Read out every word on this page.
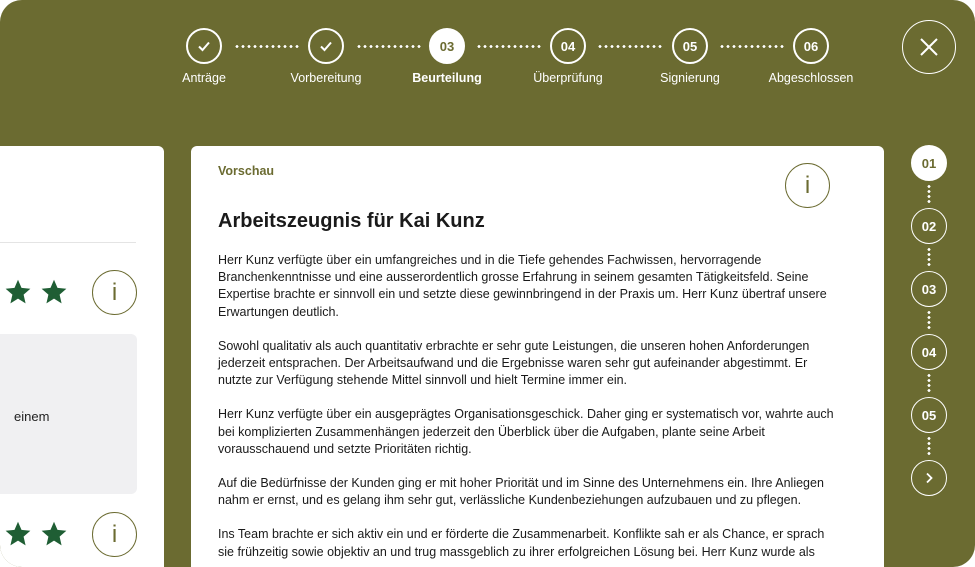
Anträge	Vorbereitung
03
Beurteilung
04
Überprüfung
05
Signierung
06
Abgeschlossen
i
einem
i
Vorschau
i
Arbeitszeugnis für Kai Kunz

Herr Kunz verfügte über ein umfangreiches und in die Tiefe gehendes Fachwissen, hervorragende Branchenkenntnisse und eine ausserordentlich grosse Erfahrung in seinem gesamten Tätigkeitsfeld. Seine Expertise brachte er sinnvoll ein und setzte diese gewinnbringend in der Praxis um. Herr Kunz übertraf unsere Erwartungen deutlich.

Sowohl qualitativ als auch quantitativ erbrachte er sehr gute Leistungen, die unseren hohen Anforderungen jederzeit entsprachen. Der Arbeitsaufwand und die Ergebnisse waren sehr gut aufeinander abgestimmt. Er nutzte zur Verfügung stehende Mittel sinnvoll und hielt Termine immer ein.

Herr Kunz verfügte über ein ausgeprägtes Organisationsgeschick. Daher ging er systematisch vor, wahrte auch bei komplizierten Zusammenhängen jederzeit den Überblick über die Aufgaben, plante seine Arbeit vorausschauend und setzte Prioritäten richtig.

Auf die Bedürfnisse der Kunden ging er mit hoher Priorität und im Sinne des Unternehmens ein. Ihre Anliegen nahm er ernst, und es gelang ihm sehr gut, verlässliche Kundenbeziehungen aufzubauen und zu pflegen.

Ins Team brachte er sich aktiv ein und er förderte die Zusammenarbeit. Konflikte sah er als Chance, er sprach sie frühzeitig sowie objektiv an und trug massgeblich zu ihrer erfolgreichen Lösung bei. Herr Kunz wurde als

01
02
03
04
05
